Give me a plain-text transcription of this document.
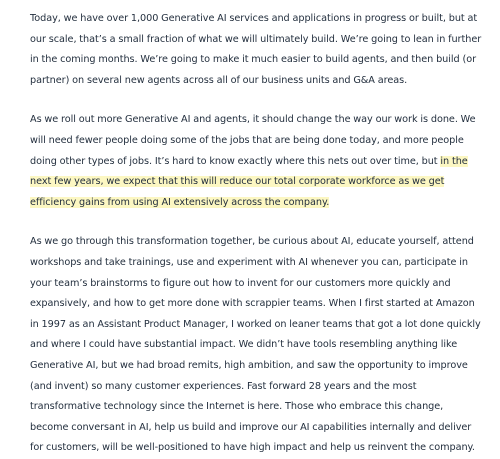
Today, we have over 1,000 Generative AI services and applications in progress or built, but at our scale, that’s a small fraction of what we will ultimately build. We’re going to lean in further in the coming months. We’re going to make it much easier to build agents, and then build (or partner) on several new agents across all of our business units and G&A areas.

As we roll out more Generative AI and agents, it should change the way our work is done. We will need fewer people doing some of the jobs that are being done today, and more people doing other types of jobs. It’s hard to know exactly where this nets out over time, but in the next few years, we expect that this will reduce our total corporate workforce as we get efficiency gains from using AI extensively across the company.

As we go through this transformation together, be curious about AI, educate yourself, attend workshops and take trainings, use and experiment with AI whenever you can, participate in your team’s brainstorms to figure out how to invent for our customers more quickly and expansively, and how to get more done with scrappier teams. When I first started at Amazon in 1997 as an Assistant Product Manager, I worked on leaner teams that got a lot done quickly and where I could have substantial impact. We didn’t have tools resembling anything like Generative AI, but we had broad remits, high ambition, and saw the opportunity to improve (and invent) so many customer experiences. Fast forward 28 years and the most transformative technology since the Internet is here. Those who embrace this change, become conversant in AI, help us build and improve our AI capabilities internally and deliver for customers, will be well-positioned to have high impact and help us reinvent the company.
